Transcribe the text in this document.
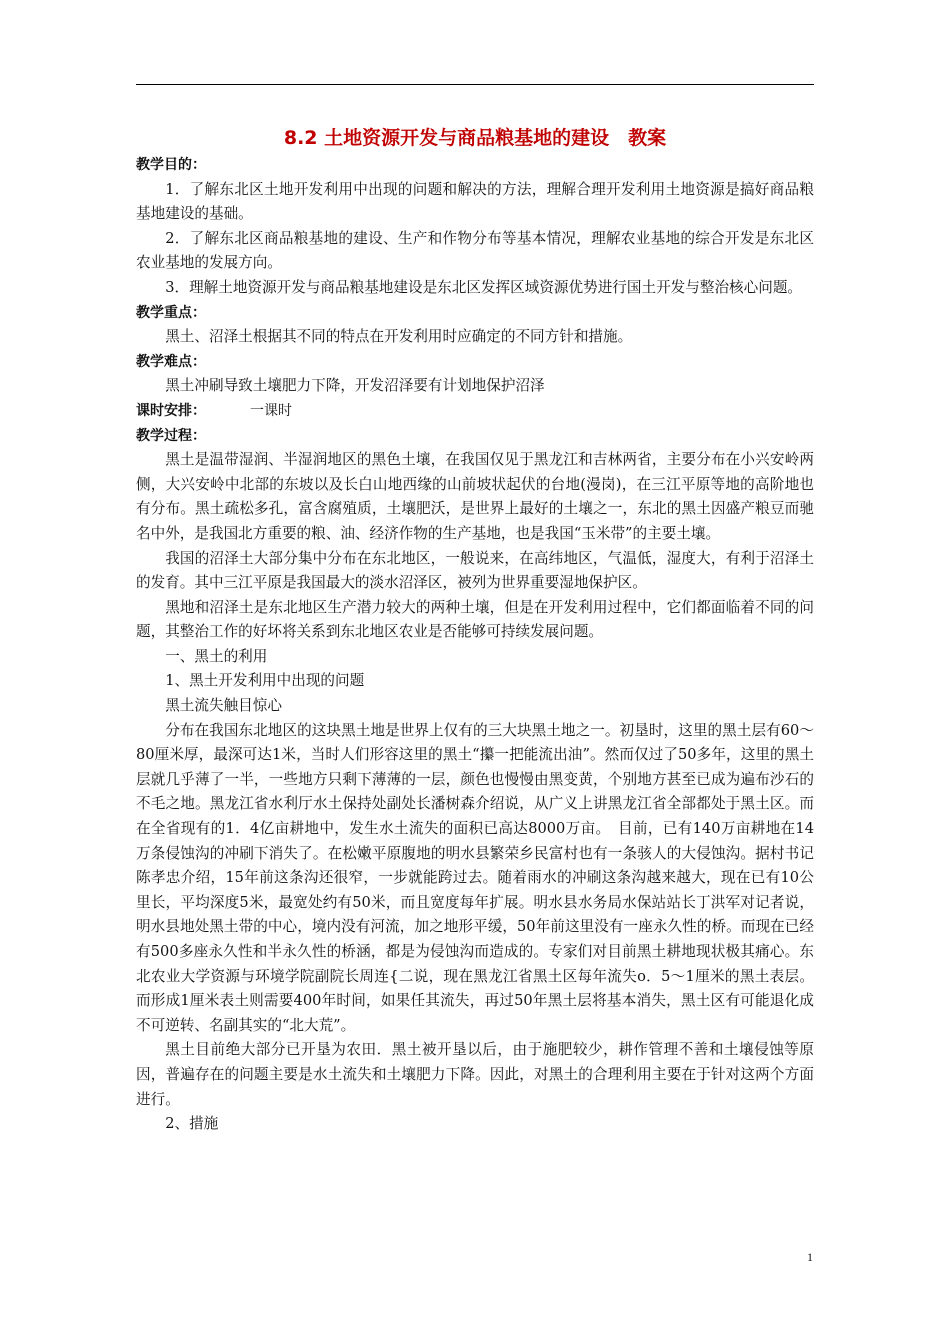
8.2 土地资源开发与商品粮基地的建设　教案
教学目的：

1．了解东北区土地开发利用中出现的问题和解决的方法，理解合理开发利用土地资源是搞好商品粮基地建设的基础。

2．了解东北区商品粮基地的建设、生产和作物分布等基本情况，理解农业基地的综合开发是东北区农业基地的发展方向。

3．理解土地资源开发与商品粮基地建设是东北区发挥区域资源优势进行国土开发与整治核心问题。

教学重点：

黑土、沼泽土根据其不同的特点在开发利用时应确定的不同方针和措施。

教学难点：

黑土冲刷导致土壤肥力下降，开发沼泽要有计划地保护沼泽

课时安排：	一课时
教学过程：

黑土是温带湿润、半湿润地区的黑色土壤，在我国仅见于黑龙江和吉林两省，主要分布在小兴安岭两侧，大兴安岭中北部的东坡以及长白山地西缘的山前坡状起伏的台地(漫岗)，在三江平原等地的高阶地也有分布。黑土疏松多孔，富含腐殖质，土壤肥沃，是世界上最好的土壤之一，东北的黑土因盛产粮豆而驰名中外，是我国北方重要的粮、油、经济作物的生产基地，也是我国“玉米带”的主要土壤。

我国的沼泽土大部分集中分布在东北地区，一般说来，在高纬地区，气温低，湿度大，有利于沼泽土的发育。其中三江平原是我国最大的淡水沼泽区，被列为世界重要湿地保护区。

黑地和沼泽土是东北地区生产潜力较大的两种土壤，但是在开发利用过程中，它们都面临着不同的问题，其整治工作的好坏将关系到东北地区农业是否能够可持续发展问题。

一、黑土的利用

1、黑土开发利用中出现的问题

黑土流失触目惊心

分布在我国东北地区的这块黑土地是世界上仅有的三大块黑土地之一。初垦时，这里的黑土层有60～80厘米厚，最深可达1米，当时人们形容这里的黑土“攥一把能流出油”。然而仅过了50多年，这里的黑土层就几乎薄了一半，一些地方只剩下薄薄的一层，颜色也慢慢由黑变黄，个别地方甚至已成为遍布沙石的不毛之地。黑龙江省水利厅水土保持处副处长潘树森介绍说，从广义上讲黑龙江省全部都处于黑土区。而在全省现有的1．4亿亩耕地中，发生水土流失的面积已高达8000万亩。　目前，已有140万亩耕地在14万条侵蚀沟的冲刷下消失了。在松嫩平原腹地的明水县繁荣乡民富村也有一条骇人的大侵蚀沟。据村书记陈孝忠介绍，15年前这条沟还很窄，一步就能跨过去。随着雨水的冲刷这条沟越来越大，现在已有10公里长，平均深度5米，最宽处约有50米，而且宽度每年扩展。明水县水务局水保站站长丁洪军对记者说，明水县地处黑土带的中心，境内没有河流，加之地形平缓，50年前这里没有一座永久性的桥。而现在已经有500多座永久性和半永久性的桥涵，都是为侵蚀沟而造成的。专家们对目前黑土耕地现状极其痛心。东北农业大学资源与环境学院副院长周连{二说，现在黑龙江省黑土区每年流失o．5～1厘米的黑土表层。而形成1厘米表土则需要400年时间，如果任其流失，再过50年黑土层将基本消失，黑土区有可能退化成不可逆转、名副其实的“北大荒”。

黑土目前绝大部分已开垦为农田．黑土被开垦以后，由于施肥较少，耕作管理不善和土壤侵蚀等原因，普遍存在的问题主要是水土流失和土壤肥力下降。因此，对黑土的合理利用主要在于针对这两个方面进行。

2、措施

1
